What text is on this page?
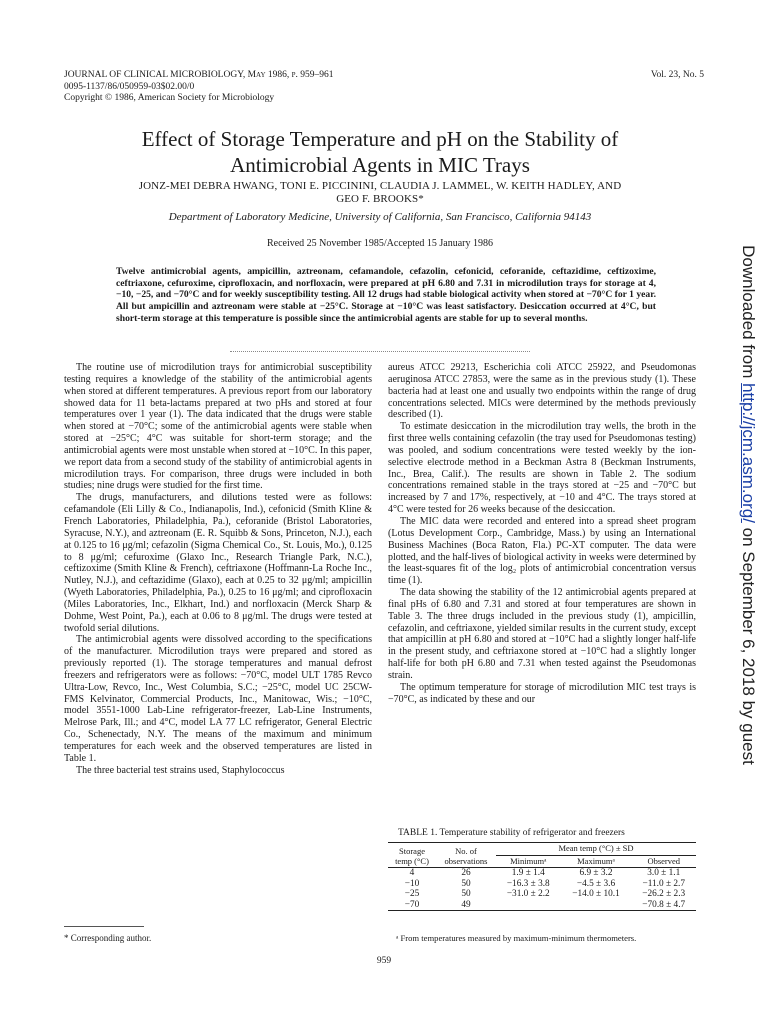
JOURNAL OF CLINICAL MICROBIOLOGY, May 1986, p. 959–961
0095-1137/86/050959-03$02.00/0
Copyright © 1986, American Society for Microbiology
Vol. 23, No. 5
Effect of Storage Temperature and pH on the Stability of
Antimicrobial Agents in MIC Trays
JONZ-MEI DEBRA HWANG, TONI E. PICCININI, CLAUDIA J. LAMMEL, W. KEITH HADLEY, AND
GEO F. BROOKS*
Department of Laboratory Medicine, University of California, San Francisco, California 94143
Received 25 November 1985/Accepted 15 January 1986
Twelve antimicrobial agents, ampicillin, aztreonam, cefamandole, cefazolin, cefonicid, ceforanide, ceftazidime, ceftizoxime, ceftriaxone, cefuroxime, ciprofloxacin, and norfloxacin, were prepared at pH 6.80 and 7.31 in microdilution trays for storage at 4, −10, −25, and −70°C and for weekly susceptibility testing. All 12 drugs had stable biological activity when stored at −70°C for 1 year. All but ampicillin and aztreonam were stable at −25°C. Storage at −10°C was least satisfactory. Desiccation occurred at 4°C, but short-term storage at this temperature is possible since the antimicrobial agents are stable for up to several months.

The routine use of microdilution trays for antimicrobial susceptibility testing requires a knowledge of the stability of the antimicrobial agents when stored at different temperatures. A previous report from our laboratory showed data for 11 beta-lactams prepared at two pHs and stored at four temperatures over 1 year (1). The data indicated that the drugs were stable when stored at −70°C; some of the antimicrobial agents were stable when stored at −25°C; 4°C was suitable for short-term storage; and the antimicrobial agents were most unstable when stored at −10°C. In this paper, we report data from a second study of the stability of antimicrobial agents in microdilution trays. For comparison, three drugs were included in both studies; nine drugs were studied for the first time.

The drugs, manufacturers, and dilutions tested were as follows: cefamandole (Eli Lilly & Co., Indianapolis, Ind.), cefonicid (Smith Kline & French Laboratories, Philadelphia, Pa.), ceforanide (Bristol Laboratories, Syracuse, N.Y.), and aztreonam (E. R. Squibb & Sons, Princeton, N.J.), each at 0.125 to 16 μg/ml; cefazolin (Sigma Chemical Co., St. Louis, Mo.), 0.125 to 8 μg/ml; cefuroxime (Glaxo Inc., Research Triangle Park, N.C.), ceftizoxime (Smith Kline & French), ceftriaxone (Hoffmann-La Roche Inc., Nutley, N.J.), and ceftazidime (Glaxo), each at 0.25 to 32 μg/ml; ampicillin (Wyeth Laboratories, Philadelphia, Pa.), 0.25 to 16 μg/ml; and ciprofloxacin (Miles Laboratories, Inc., Elkhart, Ind.) and norfloxacin (Merck Sharp & Dohme, West Point, Pa.), each at 0.06 to 8 μg/ml. The drugs were tested at twofold serial dilutions.

The antimicrobial agents were dissolved according to the specifications of the manufacturer. Microdilution trays were prepared and stored as previously reported (1). The storage temperatures and manual defrost freezers and refrigerators were as follows: −70°C, model ULT 1785 Revco Ultra-Low, Revco, Inc., West Columbia, S.C.; −25°C, model UC 25CW-FMS Kelvinator, Commercial Products, Inc., Manitowac, Wis.; −10°C, model 3551-1000 Lab-Line refrigerator-freezer, Lab-Line Instruments, Melrose Park, Ill.; and 4°C, model LA 77 LC refrigerator, General Electric Co., Schenectady, N.Y. The means of the maximum and minimum temperatures for each week and the observed temperatures are listed in Table 1.

The three bacterial test strains used, Staphylococcus

aureus ATCC 29213, Escherichia coli ATCC 25922, and Pseudomonas aeruginosa ATCC 27853, were the same as in the previous study (1). These bacteria had at least one and usually two endpoints within the range of drug concentrations selected. MICs were determined by the methods previously described (1).

To estimate desiccation in the microdilution tray wells, the broth in the first three wells containing cefazolin (the tray used for Pseudomonas testing) was pooled, and sodium concentrations were tested weekly by the ion-selective electrode method in a Beckman Astra 8 (Beckman Instruments, Inc., Brea, Calif.). The results are shown in Table 2. The sodium concentrations remained stable in the trays stored at −25 and −70°C but increased by 7 and 17%, respectively, at −10 and 4°C. The trays stored at 4°C were tested for 26 weeks because of the desiccation.

The MIC data were recorded and entered into a spread sheet program (Lotus Development Corp., Cambridge, Mass.) by using an International Business Machines (Boca Raton, Fla.) PC-XT computer. The data were plotted, and the half-lives of biological activity in weeks were determined by the least-squares fit of the log₂ plots of antimicrobial concentration versus time (1).

The data showing the stability of the 12 antimicrobial agents prepared at final pHs of 6.80 and 7.31 and stored at four temperatures are shown in Table 3. The three drugs included in the previous study (1), ampicillin, cefazolin, and ceftriaxone, yielded similar results in the current study, except that ampicillin at pH 6.80 and stored at −10°C had a slightly longer half-life in the present study, and ceftriaxone stored at −10°C had a slightly longer half-life for both pH 6.80 and 7.31 when tested against the Pseudomonas strain.

The optimum temperature for storage of microdilution MIC test trays is −70°C, as indicated by these and our

TABLE 1. Temperature stability of refrigerator and freezers
Storage temp (°C)	No. of observations	Mean temp (°C) ± SD		
		Minimumᵃ	Maximumᵃ	Observed
4	26	1.9 ± 1.4	6.9 ± 3.2	3.0 ± 1.1
−10	50	−16.3 ± 3.8	−4.5 ± 3.6	−11.0 ± 2.7
−25	50	−31.0 ± 2.2	−14.0 ± 10.1	−26.2 ± 2.3
−70	49			−70.8 ± 4.7
ᵃ From temperatures measured by maximum-minimum thermometers.
* Corresponding author.
959
Downloaded from http://jcm.asm.org/ on September 6, 2018 by guest
